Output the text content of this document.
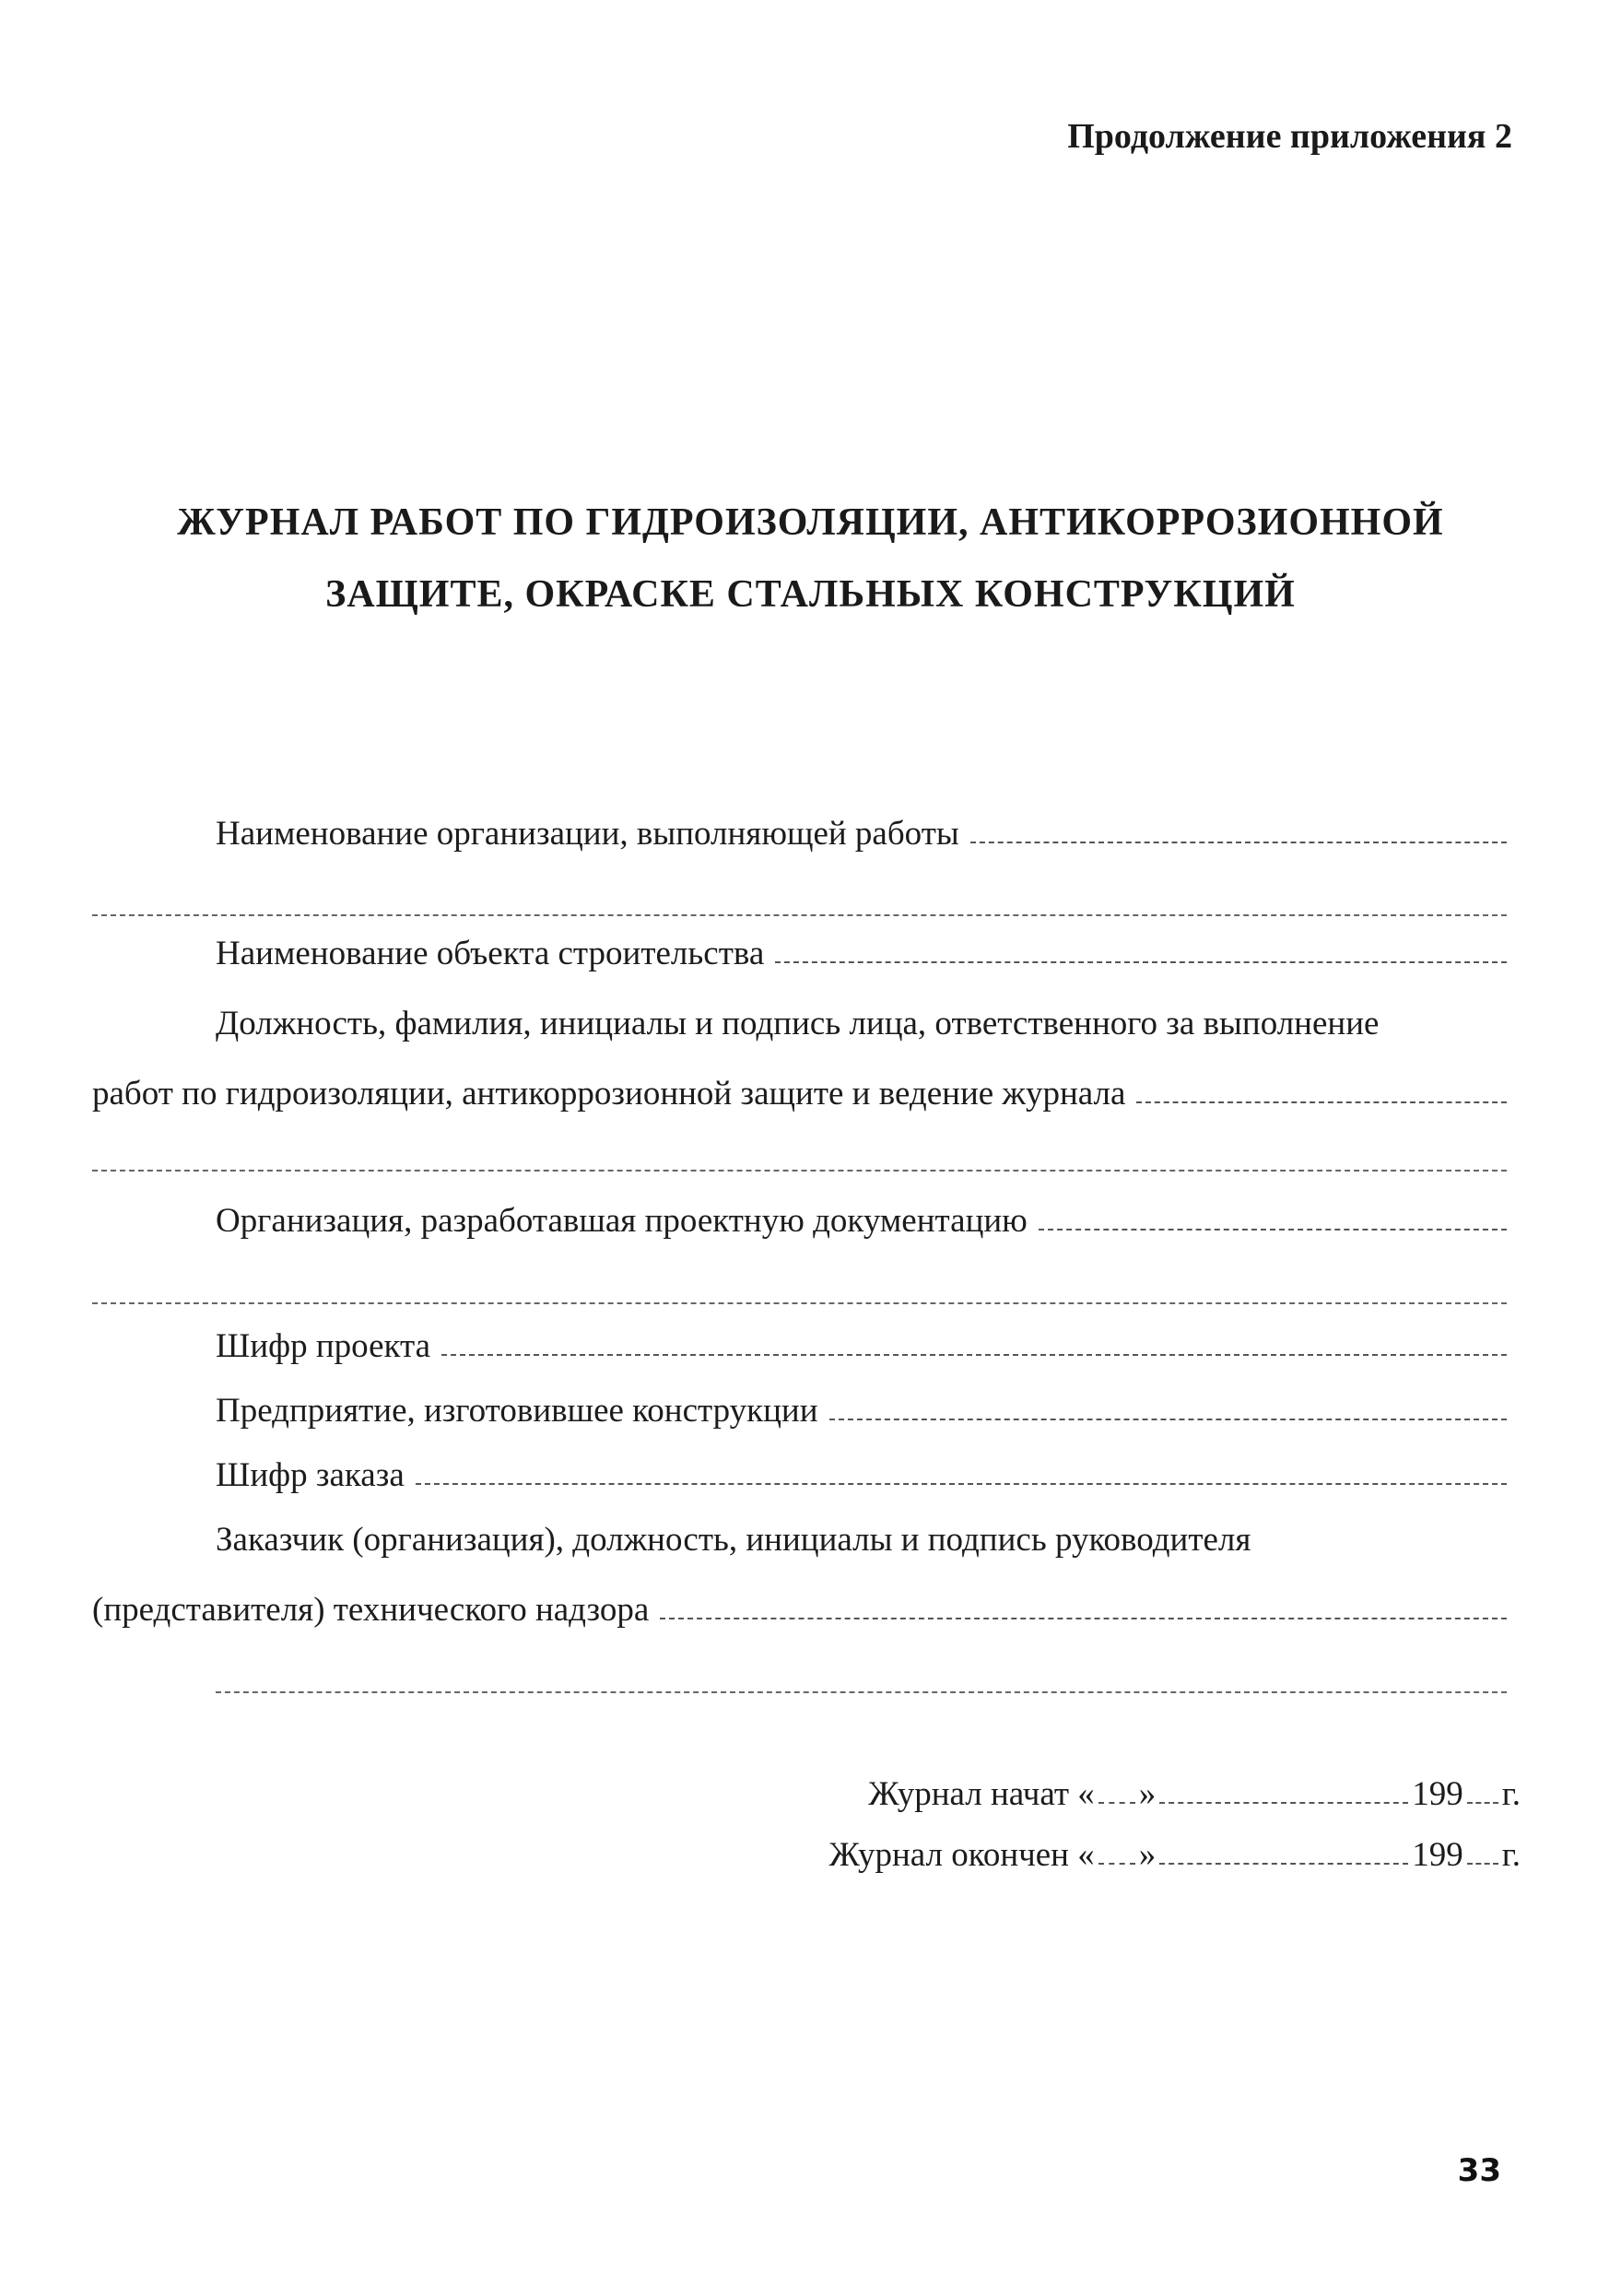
Продолжение приложения 2
ЖУРНАЛ РАБОТ ПО ГИДРОИЗОЛЯЦИИ, АНТИКОРРОЗИОННОЙ
ЗАЩИТЕ, ОКРАСКЕ СТАЛЬНЫХ КОНСТРУКЦИЙ
Наименование организации, выполняющей работы
Наименование объекта строительства
Должность, фамилия, инициалы и подпись лица, ответственного за выполнение
работ по гидроизоляции, антикоррозионной защите и ведение журнала
Организация, разработавшая проектную документацию
Шифр проекта
Предприятие, изготовившее конструкции
Шифр заказа
Заказчик (организация), должность, инициалы и подпись руководителя
(представителя) технического надзора
Журнал начат « »	199 г.
Журнал окончен « »	199 г.
33
